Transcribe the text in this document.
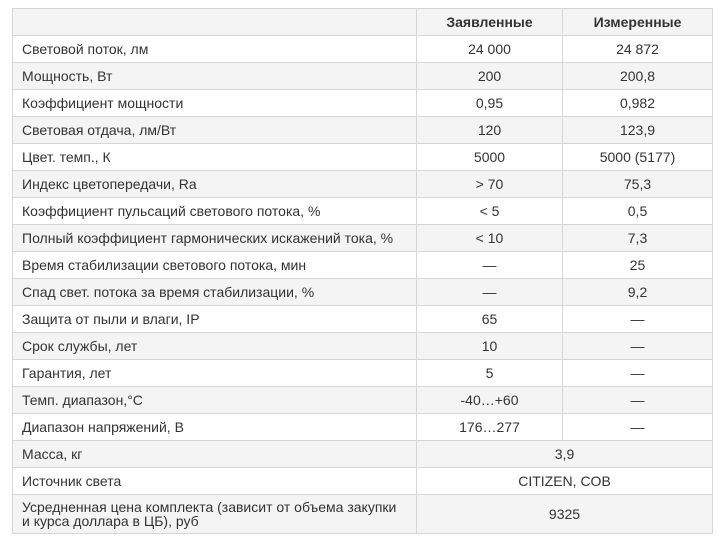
	Заявленные	Измеренные
Световой поток, лм	24 000	24 872
Мощность, Вт	200	200,8
Коэффициент мощности	0,95	0,982
Световая отдача, лм/Вт	120	123,9
Цвет. темп., К	5000	5000 (5177)
Индекс цветопередачи, Ra	> 70	75,3
Коэффициент пульсаций светового потока, %	< 5	0,5
Полный коэффициент гармонических искажений тока, %	< 10	7,3
Время стабилизации светового потока, мин	—	25
Спад свет. потока за время стабилизации, %	—	9,2
Защита от пыли и влаги, IP	65	—
Срок службы, лет	10	—
Гарантия, лет	5	—
Темп. диапазон,°С	-40…+60	—
Диапазон напряжений, В	176…277	—
Масса, кг	3,9	
Источник света	CITIZEN, COB	
Усредненная цена комплекта (зависит от объема закупки и курса доллара в ЦБ), руб	9325	
